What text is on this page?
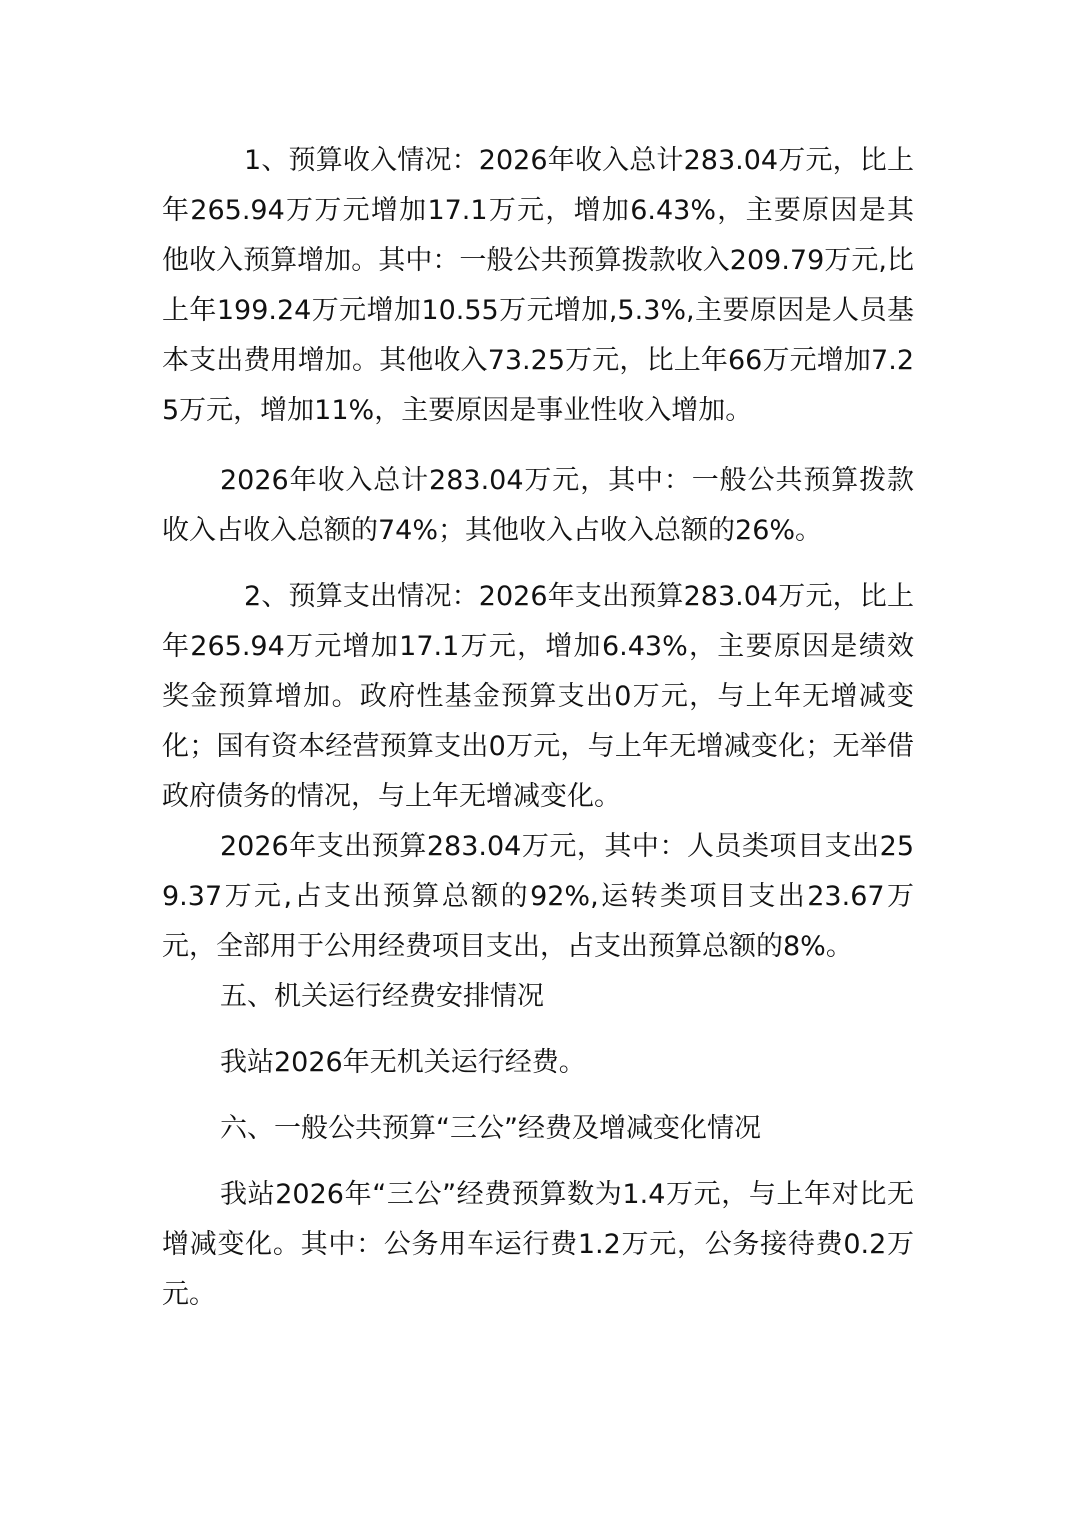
1、预算收入情况：2026年收入总计283.04万元，比上年265.94万万元增加17.1万元，增加6.43%，主要原因是其他收入预算增加。其中：一般公共预算拨款收入209.79万元,比上年199.24万元增加10.55万元增加,5.3%,主要原因是人员基本支出费用增加。其他收入73.25万元，比上年66万元增加7.25万元，增加11%，主要原因是事业性收入增加。

2026年收入总计283.04万元，其中：一般公共预算拨款收入占收入总额的74%；其他收入占收入总额的26%。

2、预算支出情况：2026年支出预算283.04万元，比上年265.94万元增加17.1万元，增加6.43%，主要原因是绩效奖金预算增加。政府性基金预算支出0万元，与上年无增减变化；国有资本经营预算支出0万元，与上年无增减变化；无举借政府债务的情况，与上年无增减变化。

2026年支出预算283.04万元，其中：人员类项目支出259.37万元,占支出预算总额的92%,运转类项目支出23.67万元，全部用于公用经费项目支出，占支出预算总额的8%。

五、机关运行经费安排情况

我站2026年无机关运行经费。

六、一般公共预算“三公”经费及增减变化情况

我站2026年“三公”经费预算数为1.4万元，与上年对比无增减变化。其中：公务用车运行费1.2万元，公务接待费0.2万元。
